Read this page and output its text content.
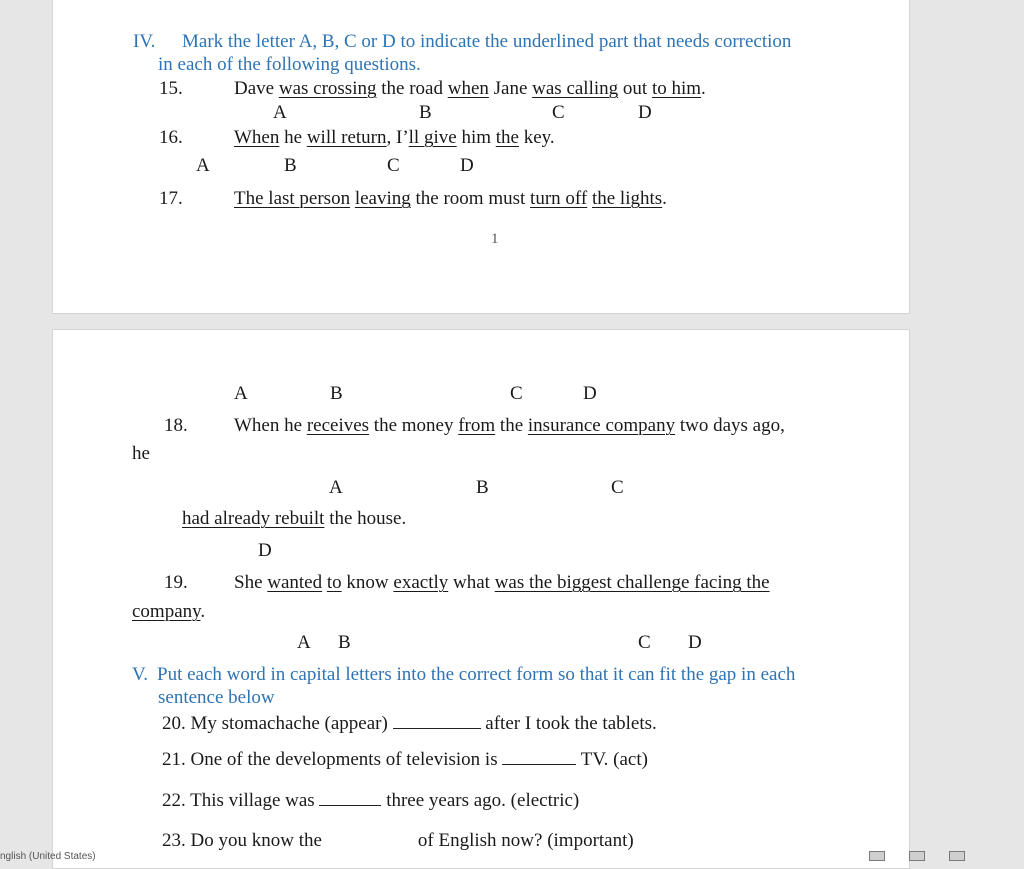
IV. Mark the letter A, B, C or D to indicate the underlined part that needs correction
in each of the following questions.
15.	Dave was crossing the road when Jane was calling out to him.
A	B	C	D
16.	When he will return, I’ll give him the key.
A	B	C	D
17.	The last person leaving the room must turn off the lights.
1
A	B	C	D
18. When he receives the money from the insurance company two days ago,
he
A	B	C
had already rebuilt the house.
D
19. She wanted to know exactly what was the biggest challenge facing the
company.
A B	C D
V. Put each word in capital letters into the correct form so that it can fit the gap in each
sentence below
20. My stomachache (appear)	after I took the tablets.
21. One of the developments of television is	TV. (act)
22. This village was	three years ago. (electric)
23. Do you know the	of English now? (important)
nglish (United States)
